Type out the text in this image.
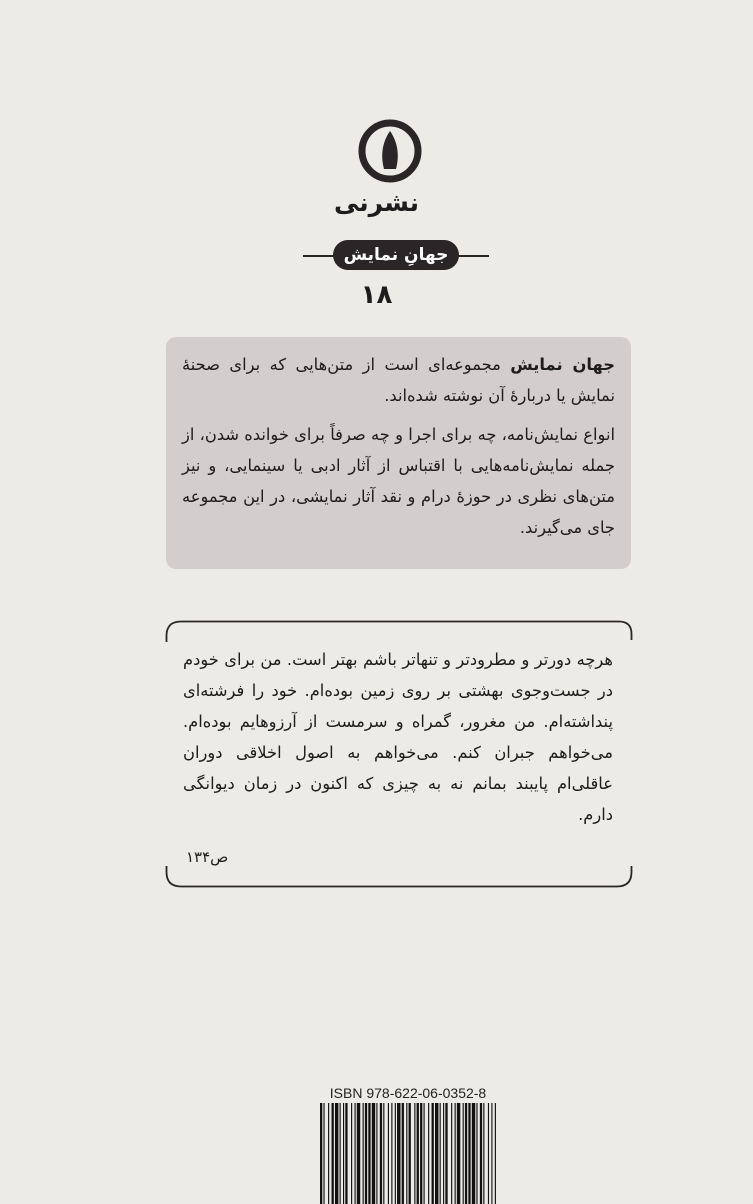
نشرنی
جهانِ نمایش
۱۸

جهان نمایش مجموعه‌ای است از متن‌هایی که برای صحنهٔ نمایش یا دربارهٔ آن نوشته شده‌اند.

انواع نمایش‌نامه، چه برای اجرا و چه صرفاً برای خوانده شدن، از جمله نمایش‌نامه‌هایی با اقتباس از آثار ادبی یا سینمایی، و نیز متن‌های نظری در حوزهٔ درام و نقد آثار نمایشی، در این مجموعه جای می‌گیرند.

هرچه دورتر و مطرودتر و تنهاتر باشم بهتر است. من برای خودم در جست‌وجوی بهشتی بر روی زمین بوده‌ام. خود را فرشته‌ای پنداشته‌ام. من مغرور، گمراه و سرمست از آرزوهایم بوده‌ام. می‌خواهم جبران کنم. می‌خواهم به اصول اخلاقی دوران عاقلی‌ام پایبند بمانم نه به چیزی که اکنون در زمان دیوانگی دارم.
ص۱۳۴
ISBN 978-622-06-0352-8
